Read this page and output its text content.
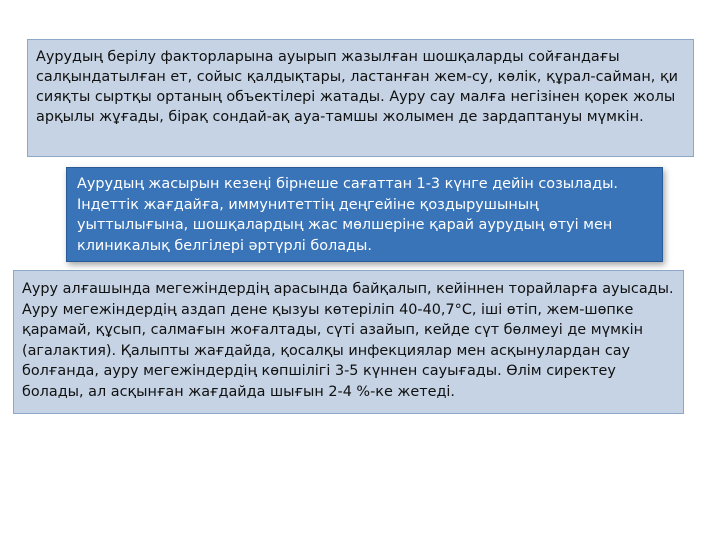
Аурудың берілу факторларына ауырып жазылған шошқаларды сойғандағы салқындатылған ет, сойыс қалдықтары, ластанған жем-су, көлік, құрал-сайман, қи сияқты сыртқы ортаның объектілері жатады. Ауру сау малға негізінен қорек жолы арқылы жұғады, бірақ сондай-ақ ауа-тамшы жолымен де зардаптануы мүмкін.

Аурудың жасырын кезеңі бірнеше сағаттан 1-3 күнге дейін созылады. Індеттік жағдайға, иммунитеттің деңгейіне қоздырушының уыттылығына, шошқалардың жас мөлшеріне қарай аурудың өтуі мен клиникалық белгілері әртүрлі болады.

Ауру алғашында мегежіндердің арасында байқалып, кейіннен торайларға ауысады. Ауру мегежіндердің аздап дене қызуы көтеріліп 40-40,7°С, іші өтіп, жем-шөпке қарамай, құсып, салмағын жоғалтады, сүті азайып, кейде сүт бөлмеуі де мүмкін (агалактия). Қалыпты жағдайда, қосалқы инфекциялар мен асқынулардан сау болғанда, ауру мегежіндердің көпшілігі 3-5 күннен сауығады. Өлім сиректеу болады, ал асқынған жағдайда шығын 2-4 %-ке жетеді.
